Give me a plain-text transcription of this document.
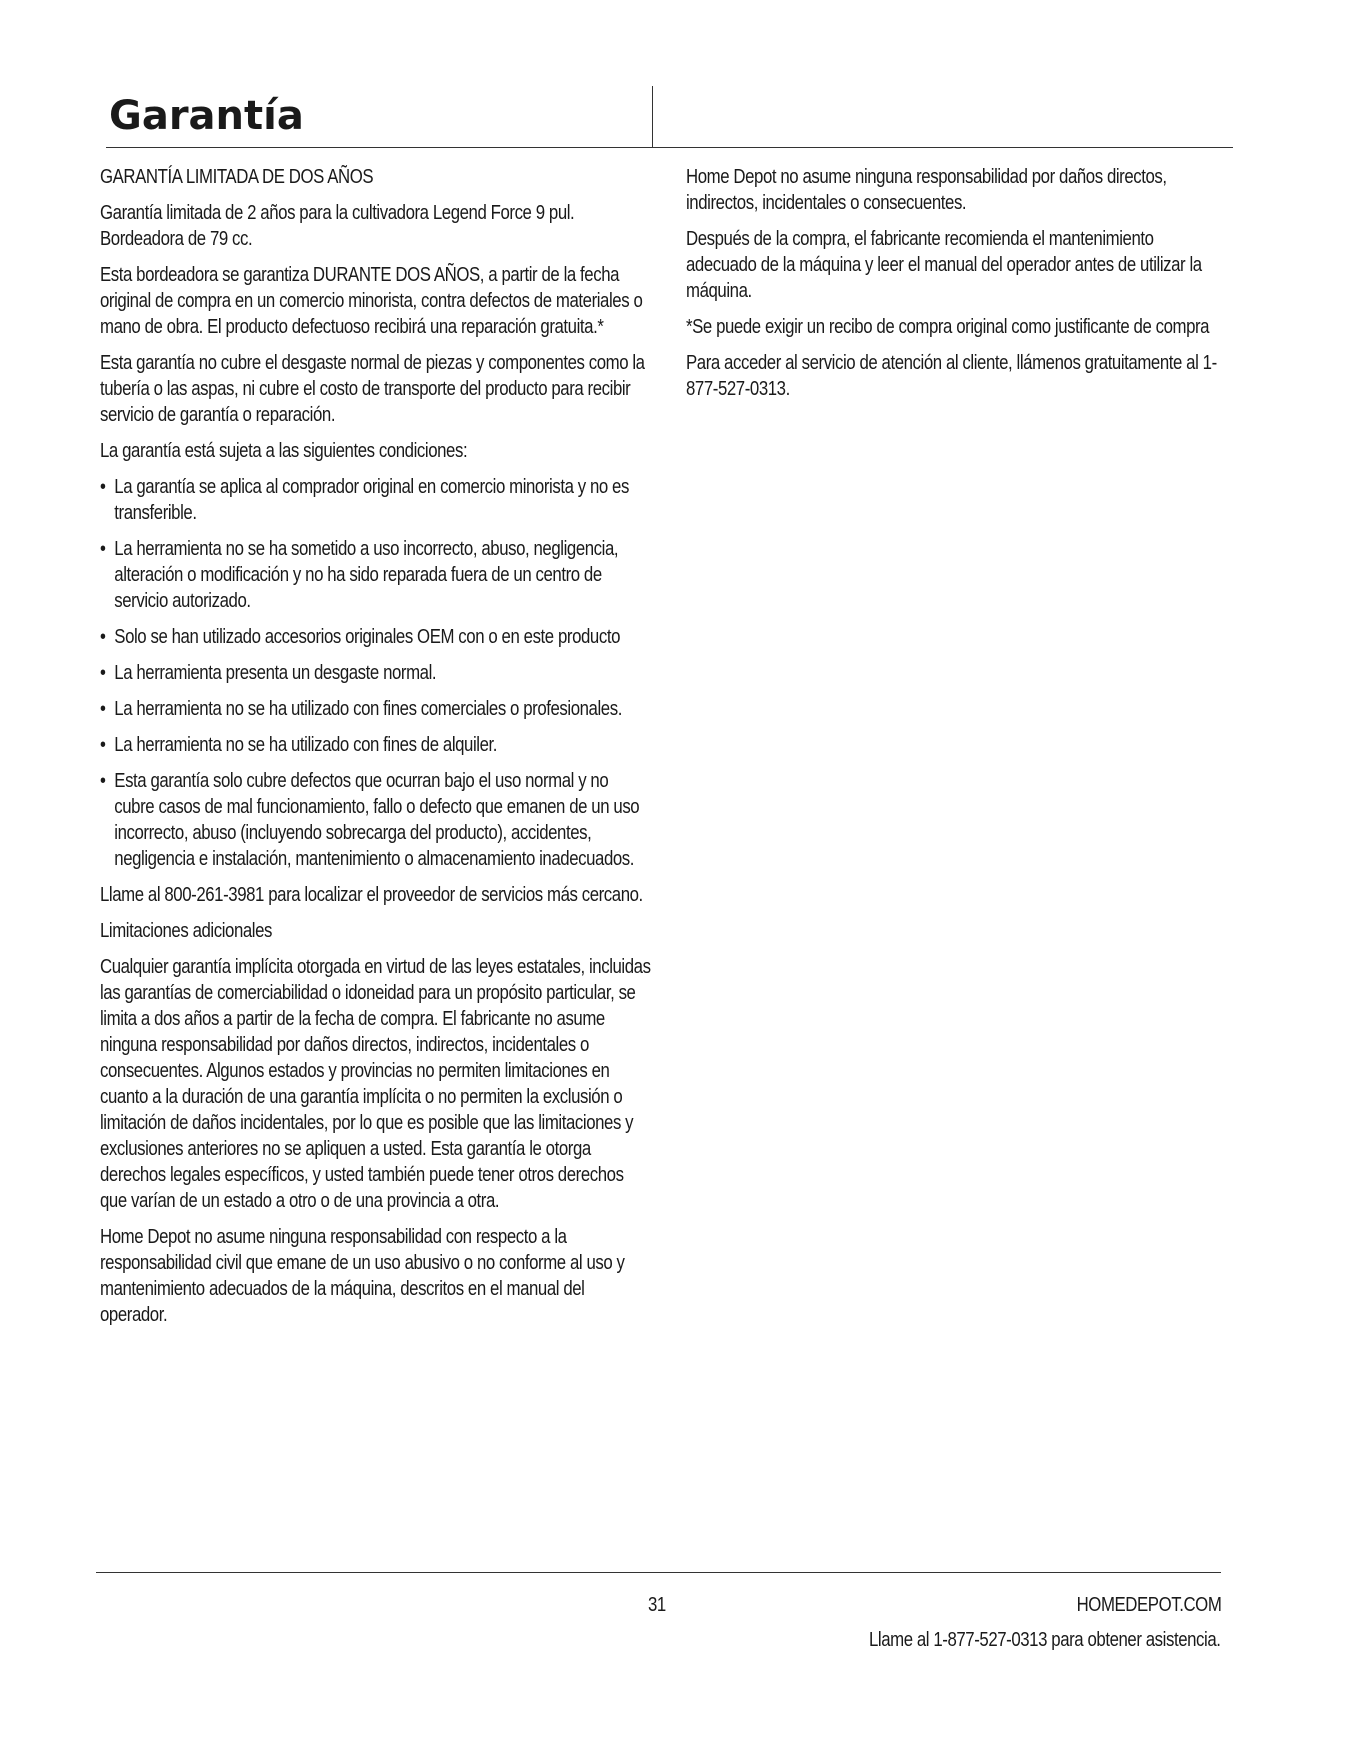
Garantía

GARANTÍA LIMITADA DE DOS AÑOS

Garantía limitada de 2 años para la cultivadora Legend Force 9 pul. Bordeadora de 79 cc.

Esta bordeadora se garantiza DURANTE DOS AÑOS, a partir de la fecha original de compra en un comercio minorista, contra defectos de materiales o mano de obra. El producto defectuoso recibirá una reparación gratuita.*

Esta garantía no cubre el desgaste normal de piezas y componentes como la tubería o las aspas, ni cubre el costo de transporte del producto para recibir servicio de garantía o reparación.

La garantía está sujeta a las siguientes condiciones:

• La garantía se aplica al comprador original en comercio minorista y no es transferible.
• La herramienta no se ha sometido a uso incorrecto, abuso, negligencia, alteración o modificación y no ha sido reparada fuera de un centro de servicio autorizado.
• Solo se han utilizado accesorios originales OEM con o en este producto
• La herramienta presenta un desgaste normal.
• La herramienta no se ha utilizado con fines comerciales o profesionales.
• La herramienta no se ha utilizado con fines de alquiler.
• Esta garantía solo cubre defectos que ocurran bajo el uso normal y no cubre casos de mal funcionamiento, fallo o defecto que emanen de un uso incorrecto, abuso (incluyendo sobrecarga del producto), accidentes, negligencia e instalación, mantenimiento o almacenamiento inadecuados.

Llame al 800-261-3981 para localizar el proveedor de servicios más cercano.

Limitaciones adicionales

Cualquier garantía implícita otorgada en virtud de las leyes estatales, incluidas las garantías de comerciabilidad o idoneidad para un propósito particular, se limita a dos años a partir de la fecha de compra. El fabricante no asume ninguna responsabilidad por daños directos, indirectos, incidentales o consecuentes. Algunos estados y provincias no permiten limitaciones en cuanto a la duración de una garantía implícita o no permiten la exclusión o limitación de daños incidentales, por lo que es posible que las limitaciones y exclusiones anteriores no se apliquen a usted. Esta garantía le otorga derechos legales específicos, y usted también puede tener otros derechos que varían de un estado a otro o de una provincia a otra.

Home Depot no asume ninguna responsabilidad con respecto a la responsabilidad civil que emane de un uso abusivo o no conforme al uso y mantenimiento adecuados de la máquina, descritos en el manual del operador.

Home Depot no asume ninguna responsabilidad por daños directos, indirectos, incidentales o consecuentes.

Después de la compra, el fabricante recomienda el mantenimiento adecuado de la máquina y leer el manual del operador antes de utilizar la máquina.

*Se puede exigir un recibo de compra original como justificante de compra

Para acceder al servicio de atención al cliente, llámenos gratuitamente al 1-877-527-0313.

31	HOMEDEPOT.COM
Llame al 1-877-527-0313 para obtener asistencia.
